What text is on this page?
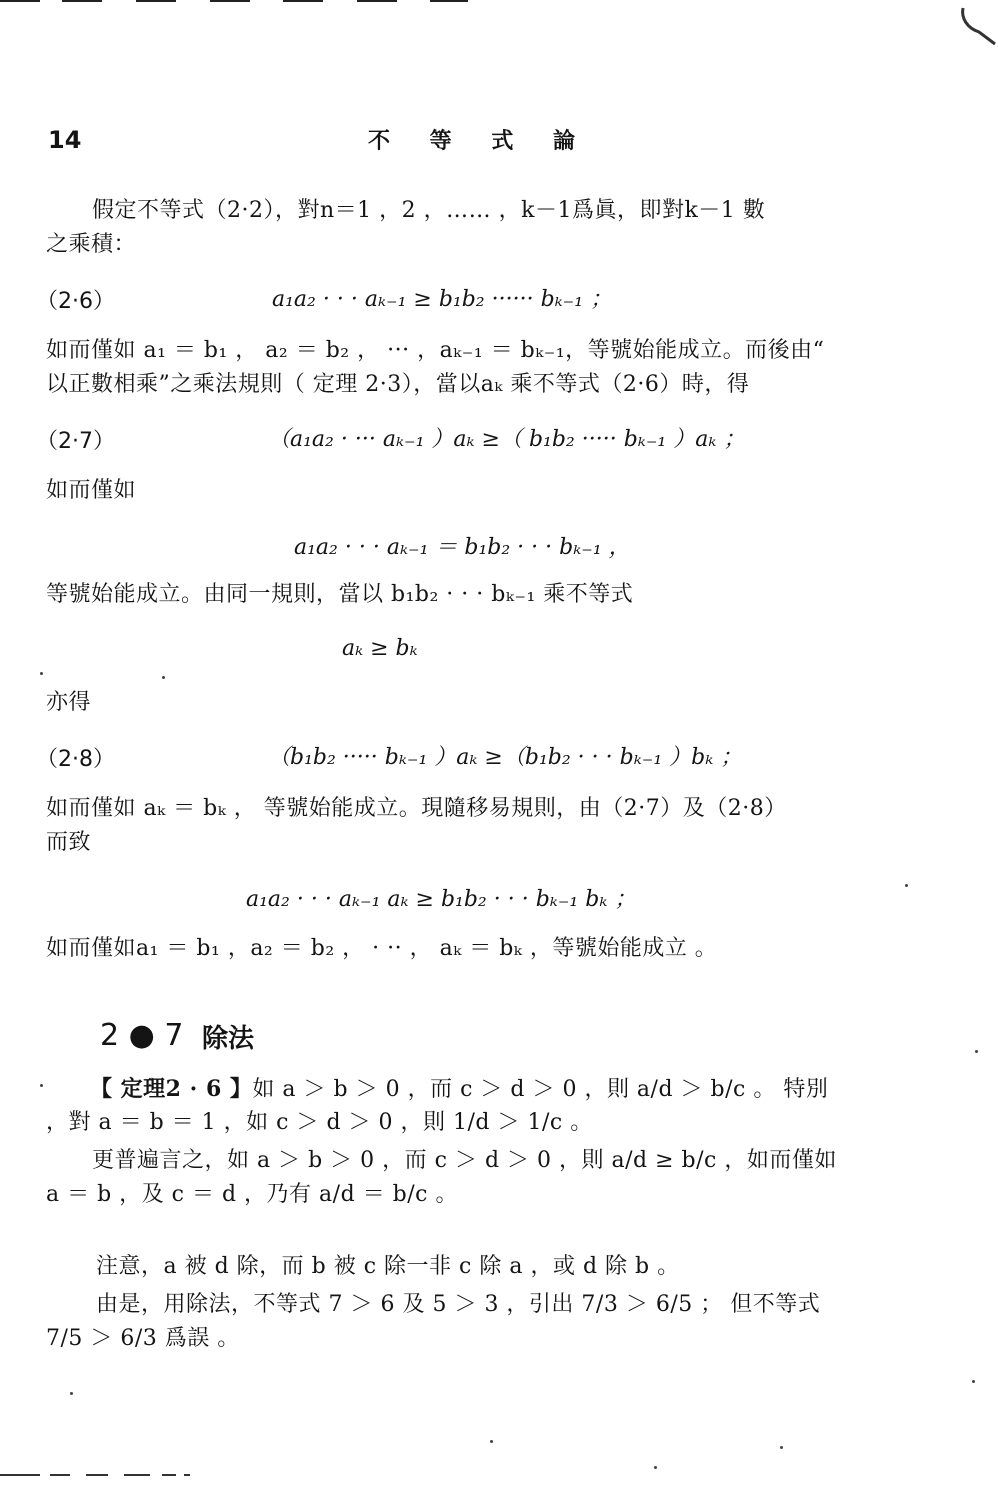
14	不 等 式 論
假定不等式（2·2），對n＝1 ，2 ，…… ，k－1爲眞，即對k－1 數
之乘積：
（2·6）	a₁a₂ · · · aₖ₋₁ ≥ b₁b₂ ······ bₖ₋₁ ；
如而僅如 a₁ ＝ b₁ ， a₂ ＝ b₂ ， ··· ，aₖ₋₁ ＝ bₖ₋₁，等號始能成立。而後由“
以正數相乘”之乘法規則（ 定理 2·3），當以aₖ 乘不等式（2·6）時，得
（2·7）	（a₁a₂ · ··· aₖ₋₁ ）aₖ ≥（ b₁b₂ ····· bₖ₋₁ ）aₖ ；
如而僅如
a₁a₂ · · · aₖ₋₁ ＝ b₁b₂ · · · bₖ₋₁ ，
等號始能成立。由同一規則，當以 b₁b₂ · · · bₖ₋₁ 乘不等式
aₖ ≥ bₖ
亦得
（2·8）	（b₁b₂ ····· bₖ₋₁ ）aₖ ≥（b₁b₂ · · · bₖ₋₁ ）bₖ ；
如而僅如 aₖ ＝ bₖ ， 等號始能成立。現隨移易規則，由（2·7）及（2·8）
而致
a₁a₂ · · · aₖ₋₁ aₖ ≥ b₁b₂ · · · bₖ₋₁ bₖ ；
如而僅如a₁ ＝ b₁ ，a₂ ＝ b₂ ， · ·· ， aₖ ＝ bₖ ，等號始能成立 。
2 ● 7 除法
【 定理2 · 6 】如 a ＞ b ＞ 0 ，而 c ＞ d ＞ 0 ，則 a/d ＞ b/c 。 特別
，對 a ＝ b ＝ 1 ，如 c ＞ d ＞ 0 ，則 1/d ＞ 1/c 。
更普遍言之，如 a ＞ b ＞ 0 ，而 c ＞ d ＞ 0 ，則 a/d ≥ b/c ，如而僅如
a ＝ b ，及 c ＝ d ，乃有 a/d ＝ b/c 。
注意，a 被 d 除，而 b 被 c 除一非 c 除 a ，或 d 除 b 。
由是，用除法，不等式 7 ＞ 6 及 5 ＞ 3 ，引出 7/3 ＞ 6/5 ； 但不等式
7/5 ＞ 6/3 爲誤 。
